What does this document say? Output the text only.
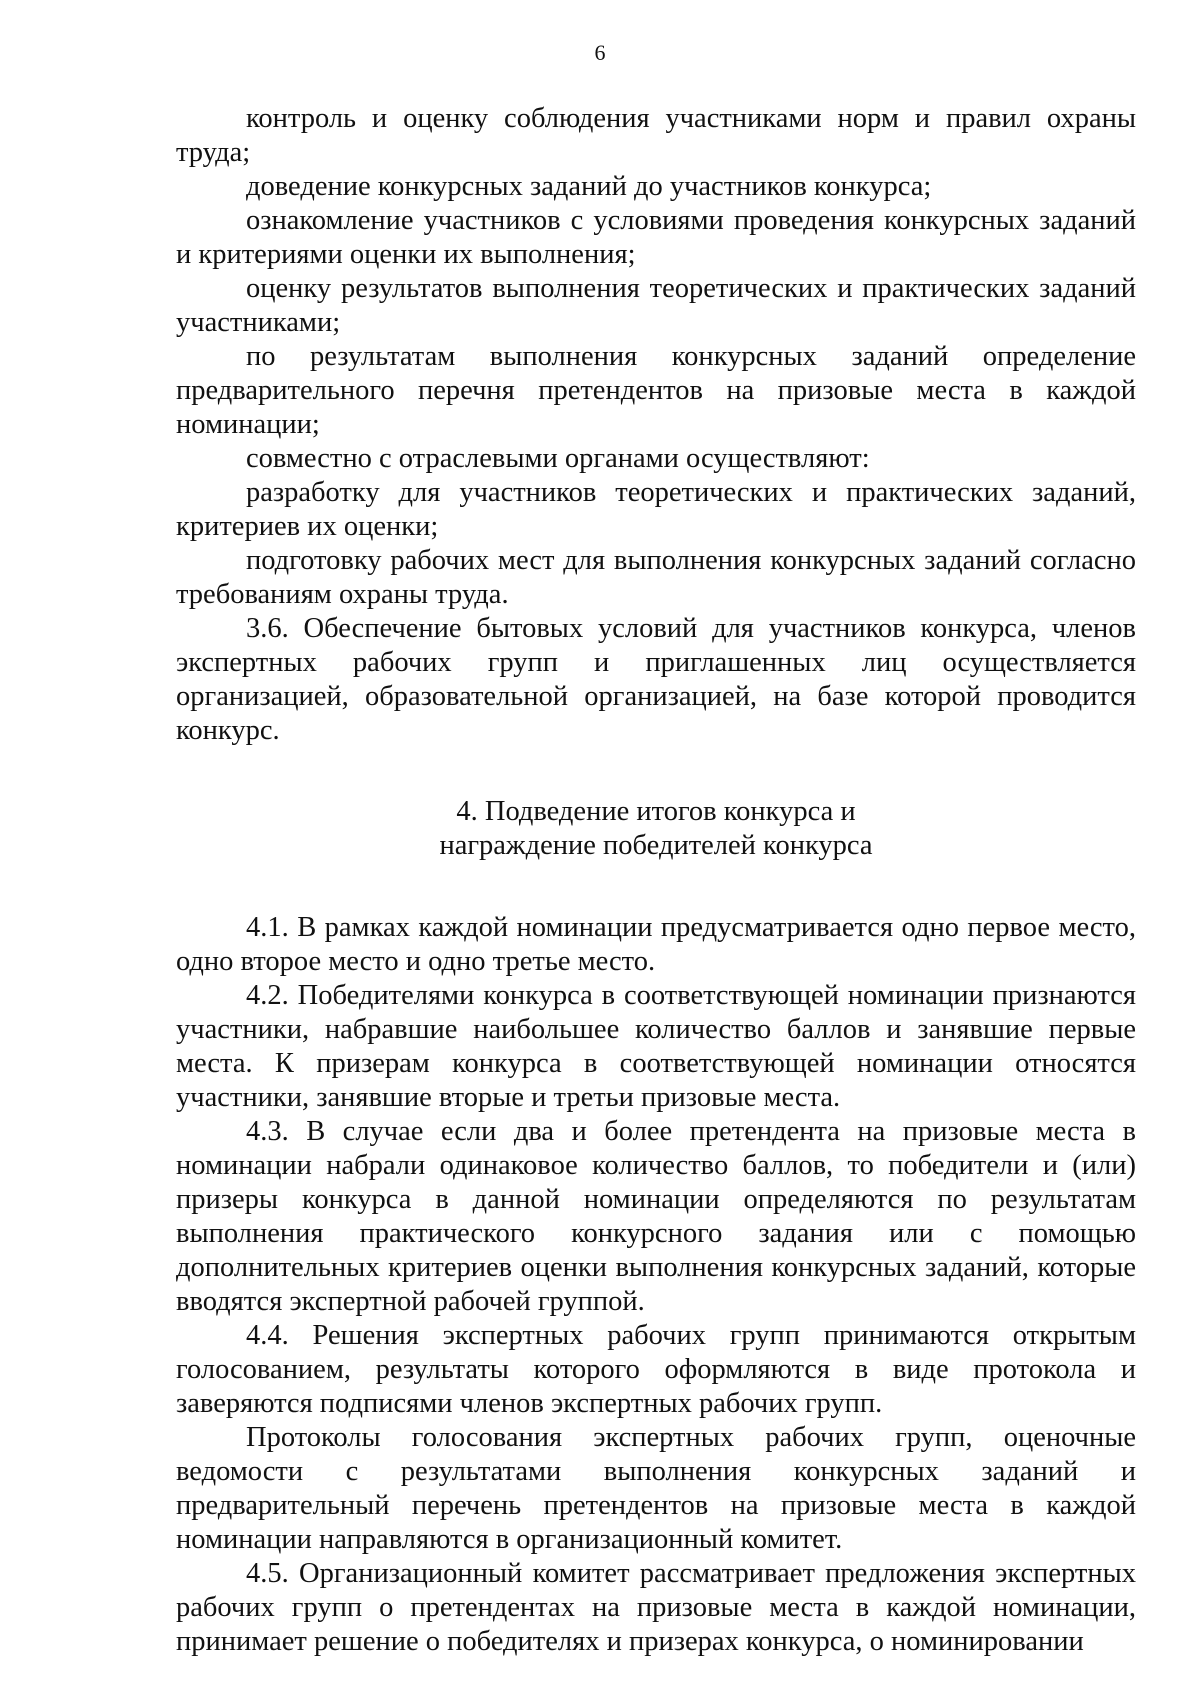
6

контроль и оценку соблюдения участниками норм и правил охраны труда;

доведение конкурсных заданий до участников конкурса;

ознакомление участников с условиями проведения конкурсных заданий и критериями оценки их выполнения;

оценку результатов выполнения теоретических и практических заданий участниками;

по результатам выполнения конкурсных заданий определение предварительного перечня претендентов на призовые места в каждой номинации;

совместно с отраслевыми органами осуществляют:

разработку для участников теоретических и практических заданий, критериев их оценки;

подготовку рабочих мест для выполнения конкурсных заданий согласно требованиям охраны труда.

3.6. Обеспечение бытовых условий для участников конкурса, членов экспертных рабочих групп и приглашенных лиц осуществляется организацией, образовательной организацией, на базе которой проводится конкурс.

4. Подведение итогов конкурса и
награждение победителей конкурса

4.1. В рамках каждой номинации предусматривается одно первое место, одно второе место и одно третье место.

4.2. Победителями конкурса в соответствующей номинации признаются участники, набравшие наибольшее количество баллов и занявшие первые места. К призерам конкурса в соответствующей номинации относятся участники, занявшие вторые и третьи призовые места.

4.3. В случае если два и более претендента на призовые места в номинации набрали одинаковое количество баллов, то победители и (или) призеры конкурса в данной номинации определяются по результатам выполнения практического конкурсного задания или с помощью дополнительных критериев оценки выполнения конкурсных заданий, которые вводятся экспертной рабочей группой.

4.4. Решения экспертных рабочих групп принимаются открытым голосованием, результаты которого оформляются в виде протокола и заверяются подписями членов экспертных рабочих групп.

Протоколы голосования экспертных рабочих групп, оценочные ведомости с результатами выполнения конкурсных заданий и предварительный перечень претендентов на призовые места в каждой номинации направляются в организационный комитет.

4.5. Организационный комитет рассматривает предложения экспертных рабочих групп о претендентах на призовые места в каждой номинации, принимает решение о победителях и призерах конкурса, о номинировании
